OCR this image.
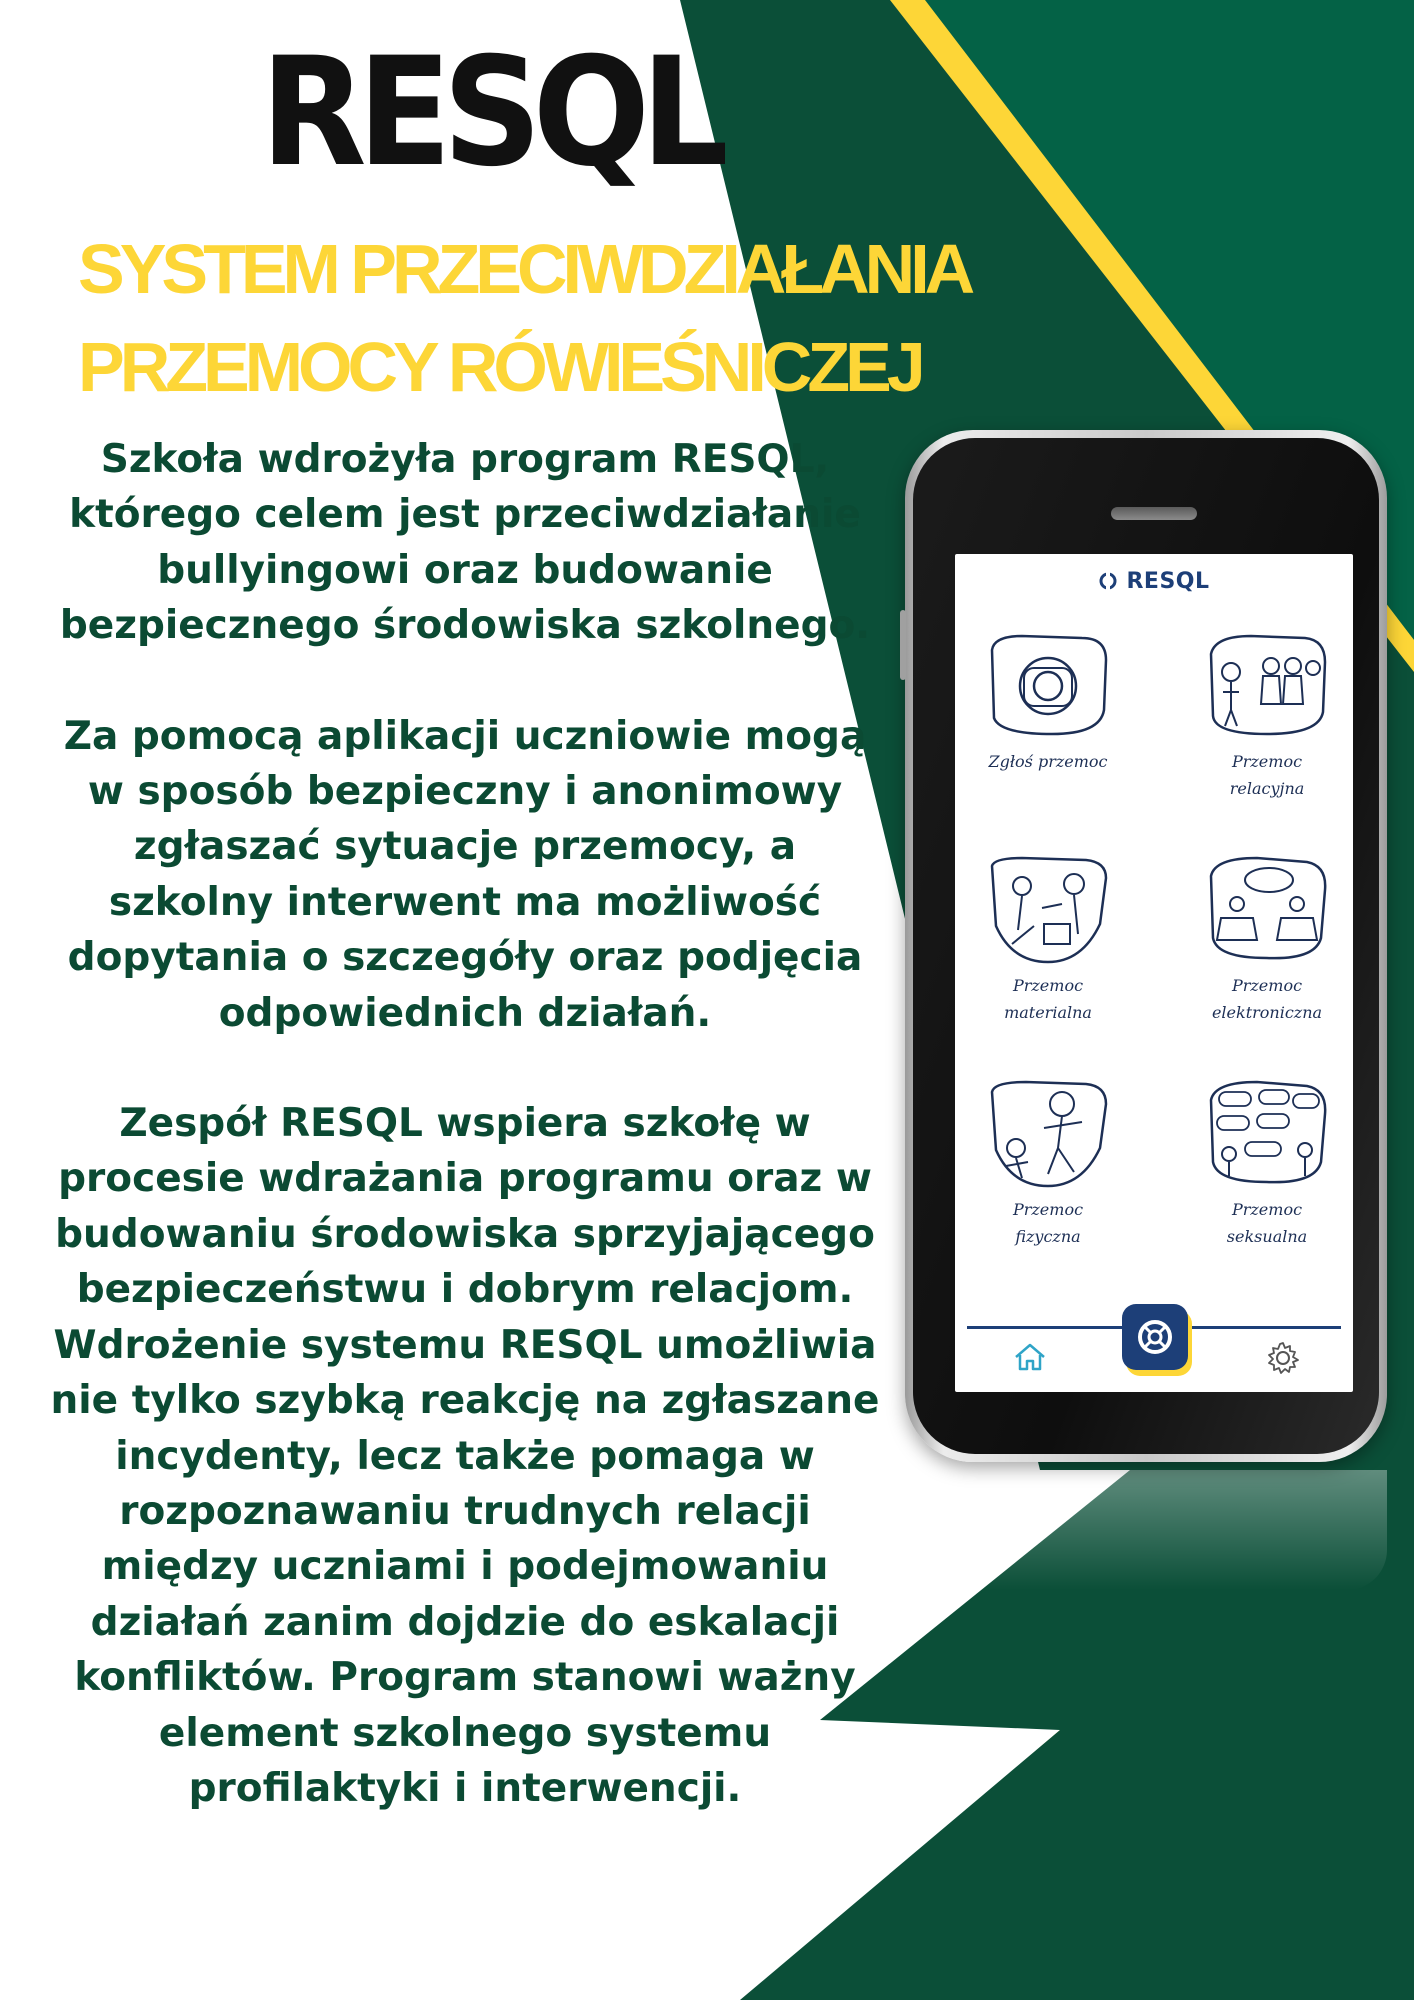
RESQL
SYSTEM PRZECIWDZIAŁANIA
PRZEMOCY RÓWIEŚNICZEJ

Szkoła wdrożyła program RESQL, którego celem jest przeciwdziałanie bullyingowi oraz budowanie bezpiecznego środowiska szkolnego.

Za pomocą aplikacji uczniowie mogą w sposób bezpieczny i anonimowy zgłaszać sytuacje przemocy, a szkolny interwent ma możliwość dopytania o szczegóły oraz podjęcia odpowiednich działań.

Zespół RESQL wspiera szkołę w procesie wdrażania programu oraz w budowaniu środowiska sprzyjającego bezpieczeństwu i dobrym relacjom. Wdrożenie systemu RESQL umożliwia nie tylko szybką reakcję na zgłaszane incydenty, lecz także pomaga w rozpoznawaniu trudnych relacji między uczniami i podejmowaniu działań zanim dojdzie do eskalacji konfliktów. Program stanowi ważny element szkolnego systemu profilaktyki i interwencji.

RESQL
Zgłoś przemoc	Przemoc
relacyjna
Przemoc
materialna
Przemoc
elektroniczna
Przemoc
fizyczna
Przemoc
seksualna
